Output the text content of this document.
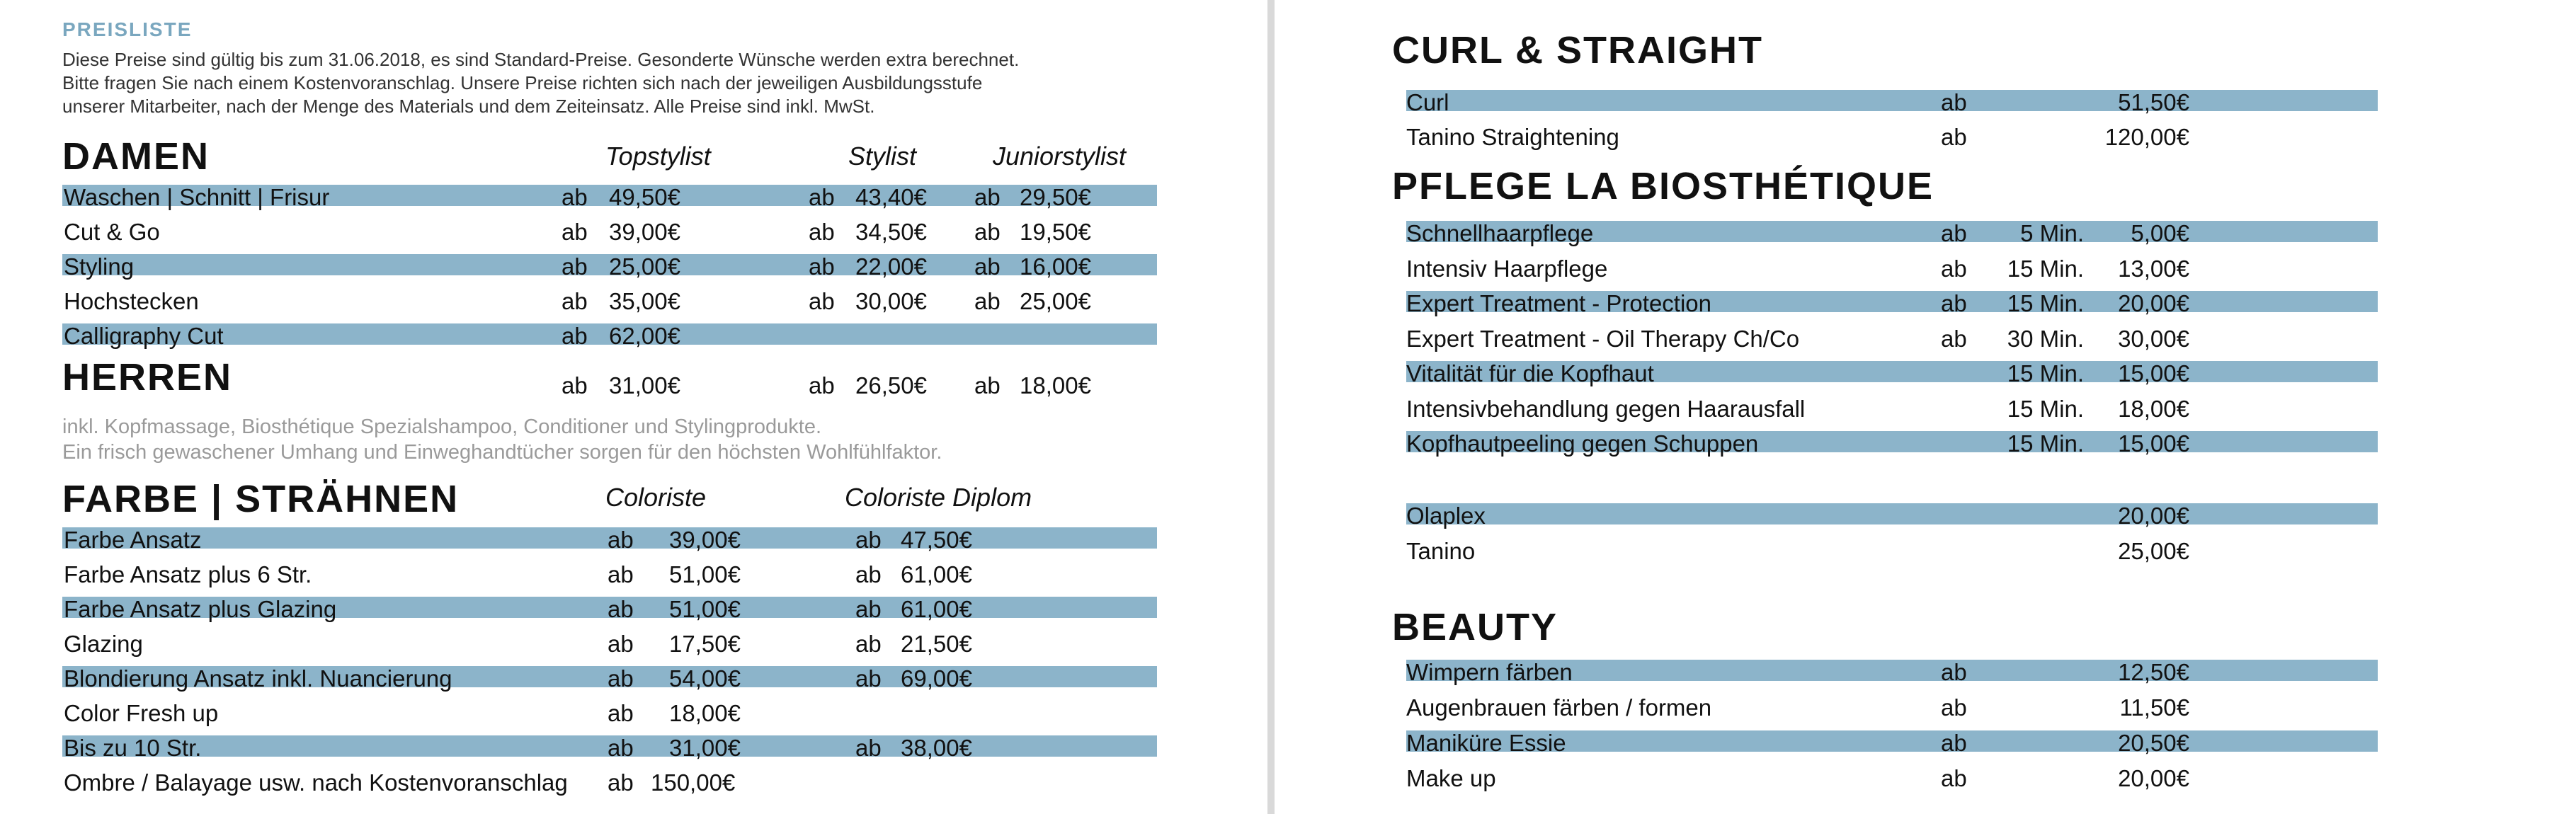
PREISLISTE
Diese Preise sind gültig bis zum 31.06.2018, es sind Standard-Preise. Gesonderte Wünsche werden extra berechnet.
Bitte fragen Sie nach einem Kostenvoranschlag. Unsere Preise richten sich nach der jeweiligen Ausbildungsstufe
unserer Mitarbeiter, nach der Menge des Materials und dem Zeiteinsatz. Alle Preise sind inkl. MwSt.
DAMEN	Topstylist	Stylist	Juniorstylist
Waschen | Schnitt | Frisur	ab 49,50€	ab 43,40€ ab 29,50€
Cut & Go	ab 39,00€	ab 34,50€ ab 19,50€
Styling	ab 25,00€	ab 22,00€ ab 16,00€
Hochstecken	ab 35,00€	ab 30,00€ ab 25,00€
Calligraphy Cut	ab 62,00€
HERREN	ab 31,00€	ab 26,50€ ab 18,00€
inkl. Kopfmassage, Biosthétique Spezialshampoo, Conditioner und Stylingprodukte.
Ein frisch gewaschener Umhang und Einweghandtücher sorgen für den höchsten Wohlfühlfaktor.
FARBE | STRÄHNEN	Coloriste	Coloriste Diplom
Farbe Ansatz	ab 39,00€	ab 47,50€
Farbe Ansatz plus 6 Str.	ab 51,00€	ab 61,00€
Farbe Ansatz plus Glazing	ab 51,00€	ab 61,00€
Glazing	ab 17,50€	ab 21,50€
Blondierung Ansatz inkl. Nuancierung	ab 54,00€	ab 69,00€
Color Fresh up	ab 18,00€
Bis zu 10 Str.	ab 31,00€	ab 38,00€
Ombre / Balayage usw. nach Kostenvoranschlag ab 150,00€
CURL & STRAIGHT
Curl	ab	51,50€
Tanino Straightening	ab	120,00€
PFLEGE LA BIOSTHÉTIQUE
Schnellhaarpflege	ab 5 Min. 5,00€
Intensiv Haarpflege	ab 15 Min. 13,00€
Expert Treatment - Protection	ab 15 Min. 20,00€
Expert Treatment - Oil Therapy Ch/Co	ab 30 Min. 30,00€
Vitalität für die Kopfhaut	15 Min. 15,00€
Intensivbehandlung gegen Haarausfall	15 Min. 18,00€
Kopfhautpeeling gegen Schuppen	15 Min. 15,00€
Olaplex	20,00€
Tanino	25,00€
BEAUTY
Wimpern färben	ab	12,50€
Augenbrauen färben / formen	ab	11,50€
Maniküre Essie	ab	20,50€
Make up	ab	20,00€
